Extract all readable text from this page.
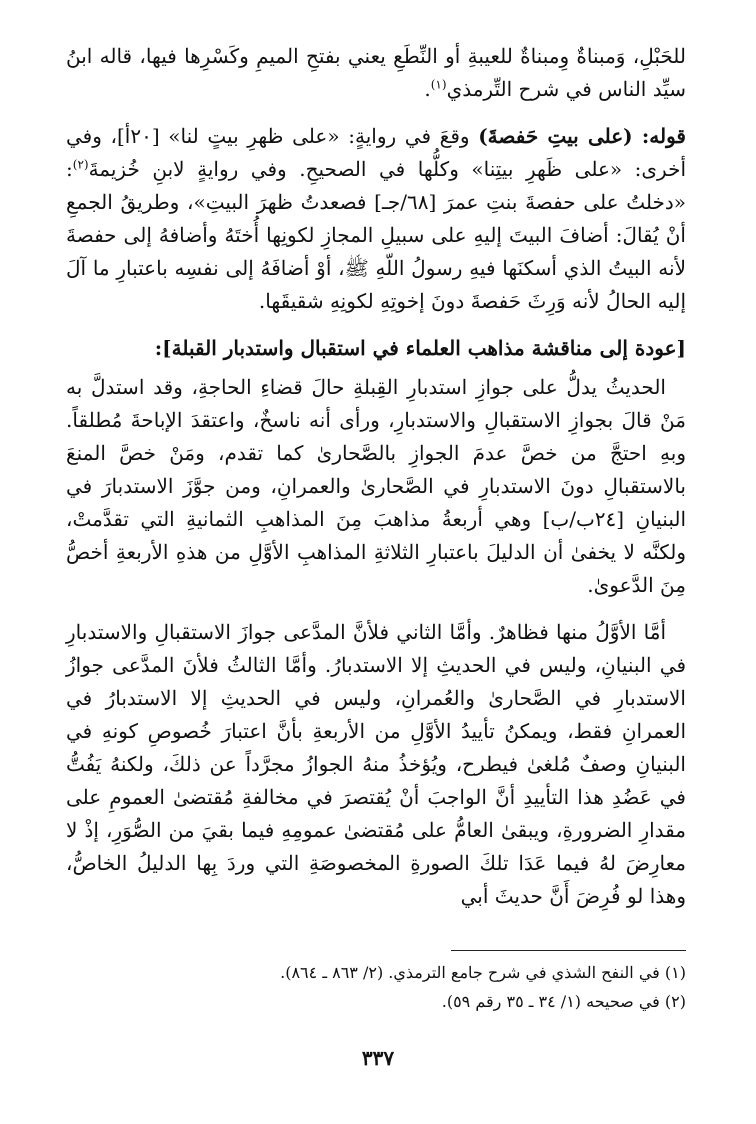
للحَبْلِ، وَمبناةٌ وِمبناةٌ للعيبةِ أو النِّطَعِ يعني بفتحِ الميمِ وكَسْرِها فيها، قاله ابنُ سيِّد الناس في شرح التِّرمذي$^{(١)}$.

قوله: (على بيتِ حَفصةَ) وقعَ في روايةٍ: «على ظهرِ بيتٍ لنا» [٢٠أ]، وفي أخرى: «على ظَهرِ بيتِنا» وكلُّها في الصحيحِ. وفي روايةٍ لابنِ خُزيمةَ$^{(٢)}$: «دخلتُ على حفصةَ بنتِ عمرَ [٦٨/جـ] فصعدتُ ظهرَ البيتِ»، وطريقُ الجمعِ أنْ يُقالَ: أضافَ البيتَ إليهِ على سبيلِ المجازِ لكونِها أُختَهُ وأضافهُ إلى حفصةَ لأنه البيتُ الذي أسكنَها فيهِ رسولُ اللّهِ ﷺ، أوْ أضافَهُ إلى نفسِه باعتبارِ ما آلَ إليه الحالُ لأنه وَرِثَ حَفصةَ دونَ إخوتِهِ لكونِهِ شقيقَها.

[عودة إلى مناقشة مذاهب العلماء في استقبال واستدبار القبلة]:

الحديثُ يدلُّ على جوازِ استدبارِ القِبلةِ حالَ قضاءِ الحاجةِ، وقد استدلَّ به مَنْ قالَ بجوازِ الاستقبالِ والاستدبارِ، ورأى أنه ناسخٌ، واعتقدَ الإباحةَ مُطلقاً. وبهِ احتجَّ من خصَّ عدمَ الجوازِ بالصَّحارىٰ كما تقدم، ومَنْ خصَّ المنعَ بالاستقبالِ دونَ الاستدبارِ في الصَّحارىٰ والعمرانِ، ومن جوَّزَ الاستدبارَ في البنيانِ [٢٤ب/ب] وهي أربعةُ مذاهبَ مِنَ المذاهبِ الثمانيةِ التي تقدَّمتْ، ولكنَّه لا يخفىٰ أن الدليلَ باعتبارِ الثلاثةِ المذاهبِ الأوَّلِ من هذهِ الأربعةِ أخصُّ مِنَ الدَّعوىٰ.

أمَّا الأوَّلُ منها فظاهرٌ. وأمَّا الثاني فلأنَّ المدَّعى جوازَ الاستقبالِ والاستدبارِ في البنيانِ، وليس في الحديثِ إلا الاستدبارُ. وأمَّا الثالثُ فلأنَ المدَّعى جوازُ الاستدبارِ في الصَّحارىٰ والعُمرانِ، وليس في الحديثِ إلا الاستدبارُ في العمرانِ فقط، ويمكنُ تأييدُ الأوَّلِ من الأربعةِ بأنَّ اعتبارَ خُصوصِ كونهِ في البنيانِ وصفٌ مُلغىٰ فيطرح، ويُؤخذُ منهُ الجوازُ مجرَّداً عن ذلكَ، ولكنهُ يَفُتُّ في عَضُدِ هذا التأييدِ أنَّ الواجبَ أنْ يُقتصرَ في مخالفةِ مُقتضىٰ العمومِ على مقدارِ الضرورةِ، ويبقىٰ العامُّ على مُقتضىٰ عمومِهِ فيما بقيَ من الصُّوَرِ، إذْ لا معارِضَ لهُ فيما عَدَا تلكَ الصورةِ المخصوصَةِ التي وردَ بِها الدليلُ الخاصُّ، وهذا لو فُرِضَ أَنَّ حديثَ أبي

(١) في النفح الشذي في شرح جامع الترمذي. (٢/ ٨٦٣ ـ ٨٦٤).

(٢) في صحيحه (١/ ٣٤ ـ ٣٥ رقم ٥٩).

٣٣٧
